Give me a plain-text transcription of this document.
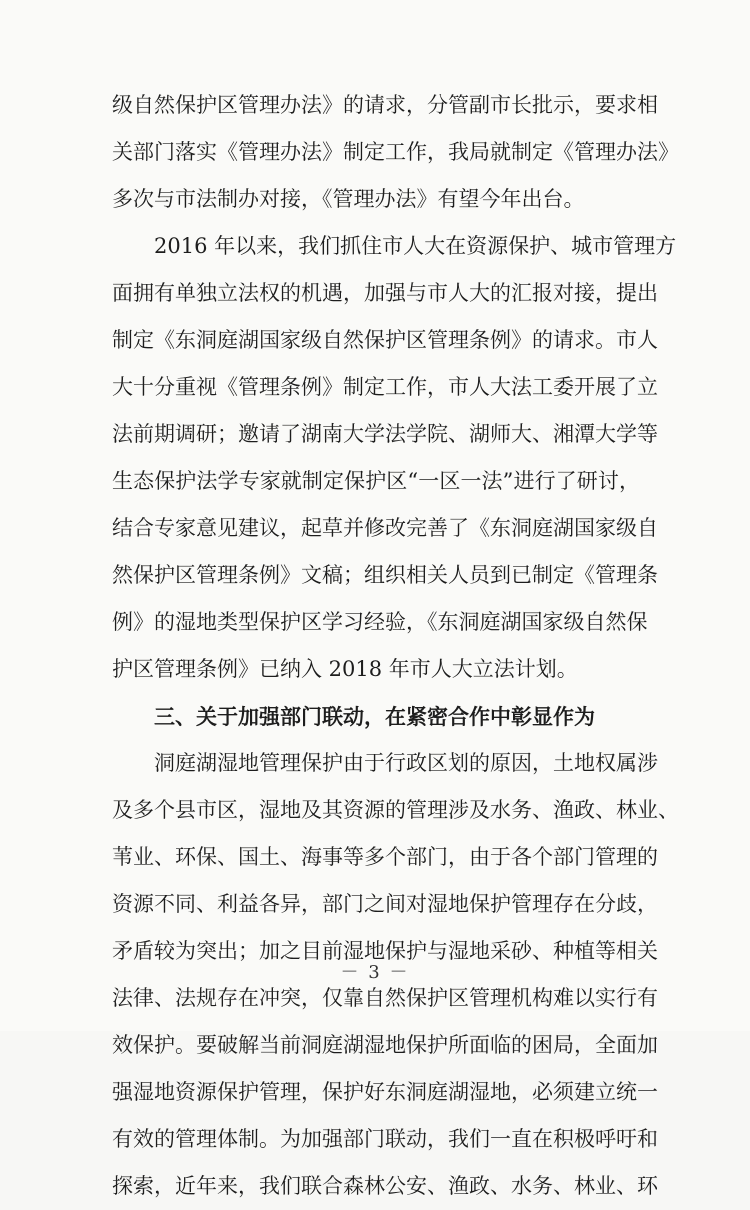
级自然保护区管理办法》的请求，分管副市长批示，要求相
关部门落实《管理办法》制定工作，我局就制定《管理办法》
多次与市法制办对接，《管理办法》有望今年出台。
2016 年以来，我们抓住市人大在资源保护、城市管理方
面拥有单独立法权的机遇，加强与市人大的汇报对接，提出
制定《东洞庭湖国家级自然保护区管理条例》的请求。市人
大十分重视《管理条例》制定工作，市人大法工委开展了立
法前期调研；邀请了湖南大学法学院、湖师大、湘潭大学等
生态保护法学专家就制定保护区“一区一法”进行了研讨，
结合专家意见建议，起草并修改完善了《东洞庭湖国家级自
然保护区管理条例》文稿；组织相关人员到已制定《管理条
例》的湿地类型保护区学习经验，《东洞庭湖国家级自然保
护区管理条例》已纳入 2018 年市人大立法计划。
三、关于加强部门联动，在紧密合作中彰显作为
洞庭湖湿地管理保护由于行政区划的原因，土地权属涉
及多个县市区，湿地及其资源的管理涉及水务、渔政、林业、
苇业、环保、国土、海事等多个部门，由于各个部门管理的
资源不同、利益各异，部门之间对湿地保护管理存在分歧，
矛盾较为突出；加之目前湿地保护与湿地采砂、种植等相关
法律、法规存在冲突，仅靠自然保护区管理机构难以实行有
效保护。要破解当前洞庭湖湿地保护所面临的困局，全面加
强湿地资源保护管理，保护好东洞庭湖湿地，必须建立统一
有效的管理体制。为加强部门联动，我们一直在积极呼吁和
探索，近年来，我们联合森林公安、渔政、水务、林业、环
－ 3 －
